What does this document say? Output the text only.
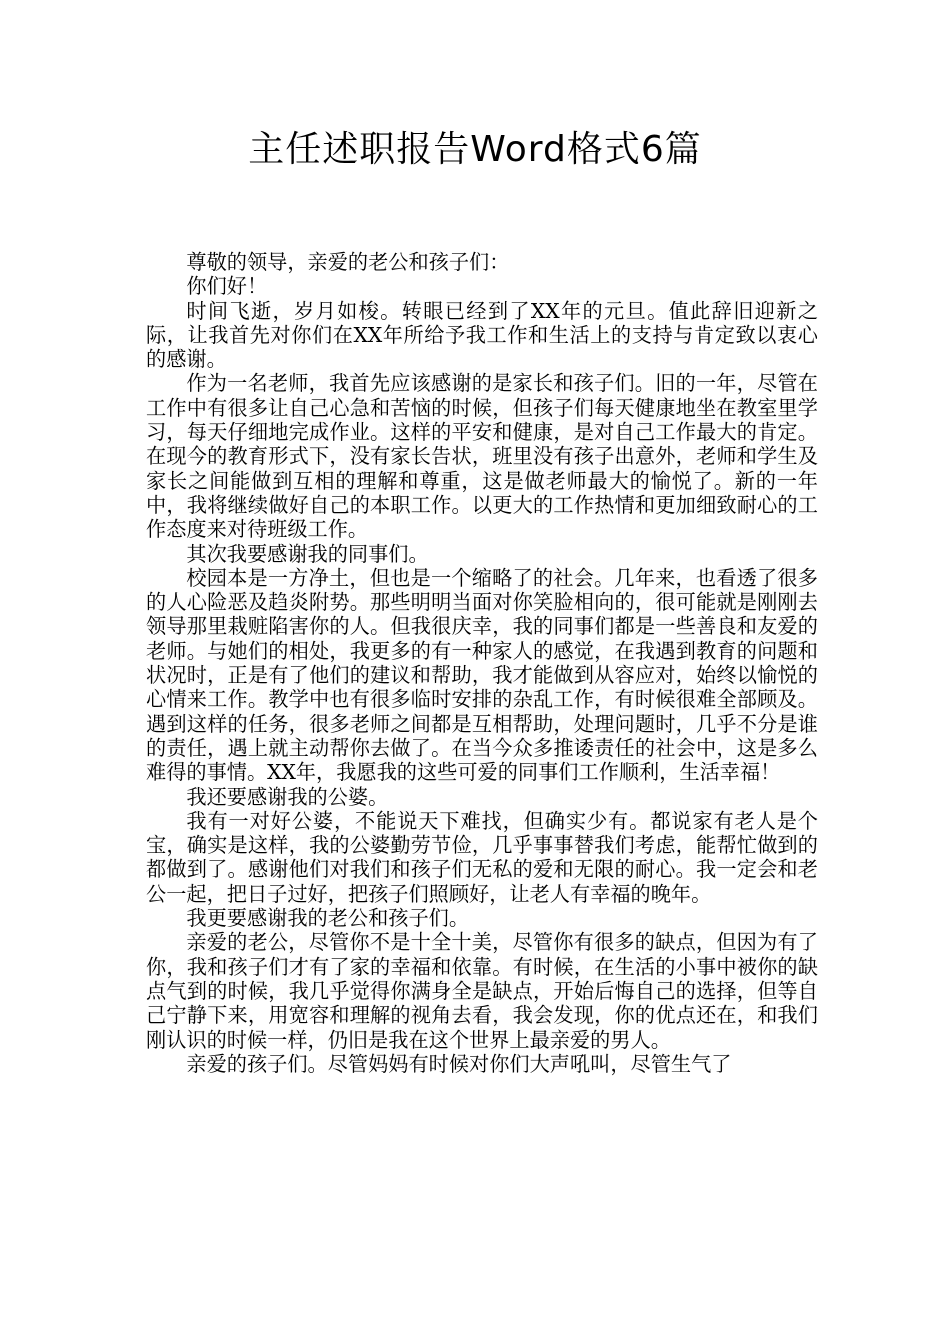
主任述职报告Word格式6篇

尊敬的领导，亲爱的老公和孩子们：

你们好！

时间飞逝，岁月如梭。转眼已经到了XX年的元旦。值此辞旧迎新之际，让我首先对你们在XX年所给予我工作和生活上的支持与肯定致以衷心的感谢。

作为一名老师，我首先应该感谢的是家长和孩子们。旧的一年，尽管在工作中有很多让自己心急和苦恼的时候，但孩子们每天健康地坐在教室里学习，每天仔细地完成作业。这样的平安和健康，是对自己工作最大的肯定。在现今的教育形式下，没有家长告状，班里没有孩子出意外，老师和学生及家长之间能做到互相的理解和尊重，这是做老师最大的愉悦了。新的一年中，我将继续做好自己的本职工作。以更大的工作热情和更加细致耐心的工作态度来对待班级工作。

其次我要感谢我的同事们。

校园本是一方净土，但也是一个缩略了的社会。几年来，也看透了很多的人心险恶及趋炎附势。那些明明当面对你笑脸相向的，很可能就是刚刚去领导那里栽赃陷害你的人。但我很庆幸，我的同事们都是一些善良和友爱的老师。与她们的相处，我更多的有一种家人的感觉，在我遇到教育的问题和状况时，正是有了他们的建议和帮助，我才能做到从容应对，始终以愉悦的心情来工作。教学中也有很多临时安排的杂乱工作，有时候很难全部顾及。遇到这样的任务，很多老师之间都是互相帮助，处理问题时，几乎不分是谁的责任，遇上就主动帮你去做了。在当今众多推诿责任的社会中，这是多么难得的事情。XX年，我愿我的这些可爱的同事们工作顺利，生活幸福！

我还要感谢我的公婆。

我有一对好公婆，不能说天下难找，但确实少有。都说家有老人是个宝，确实是这样，我的公婆勤劳节俭，几乎事事替我们考虑，能帮忙做到的都做到了。感谢他们对我们和孩子们无私的爱和无限的耐心。我一定会和老公一起，把日子过好，把孩子们照顾好，让老人有幸福的晚年。

我更要感谢我的老公和孩子们。

亲爱的老公，尽管你不是十全十美，尽管你有很多的缺点，但因为有了你，我和孩子们才有了家的幸福和依靠。有时候，在生活的小事中被你的缺点气到的时候，我几乎觉得你满身全是缺点，开始后悔自己的选择，但等自己宁静下来，用宽容和理解的视角去看，我会发现，你的优点还在，和我们刚认识的时候一样，仍旧是我在这个世界上最亲爱的男人。

亲爱的孩子们。尽管妈妈有时候对你们大声吼叫，尽管生气了
